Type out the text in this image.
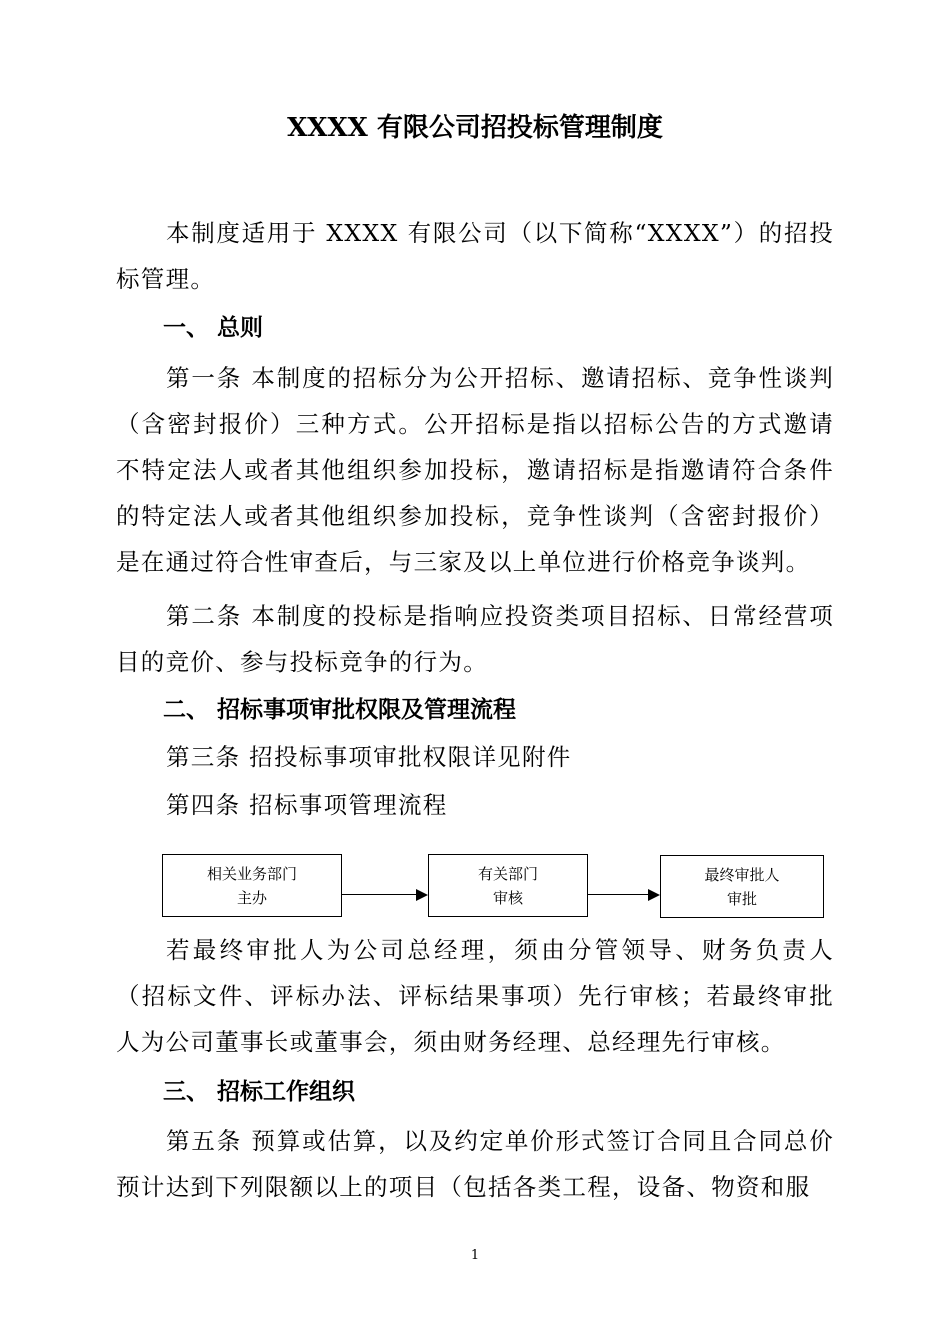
XXXX 有限公司招投标管理制度
本制度适用于 XXXX 有限公司（以下简称“XXXX”）的招投标管理。
一、 总则
第一条 本制度的招标分为公开招标、邀请招标、竞争性谈判（含密封报价）三种方式。公开招标是指以招标公告的方式邀请不特定法人或者其他组织参加投标，邀请招标是指邀请符合条件的特定法人或者其他组织参加投标，竞争性谈判（含密封报价）是在通过符合性审查后，与三家及以上单位进行价格竞争谈判。
第二条 本制度的投标是指响应投资类项目招标、日常经营项目的竞价、参与投标竞争的行为。
二、 招标事项审批权限及管理流程
第三条 招投标事项审批权限详见附件
第四条 招标事项管理流程
相关业务部门
主办
有关部门
审核
最终审批人
审批
若最终审批人为公司总经理，须由分管领导、财务负责人（招标文件、评标办法、评标结果事项）先行审核；若最终审批人为公司董事长或董事会，须由财务经理、总经理先行审核。
三、 招标工作组织
第五条 预算或估算，以及约定单价形式签订合同且合同总价预计达到下列限额以上的项目（包括各类工程，设备、物资和服
1
